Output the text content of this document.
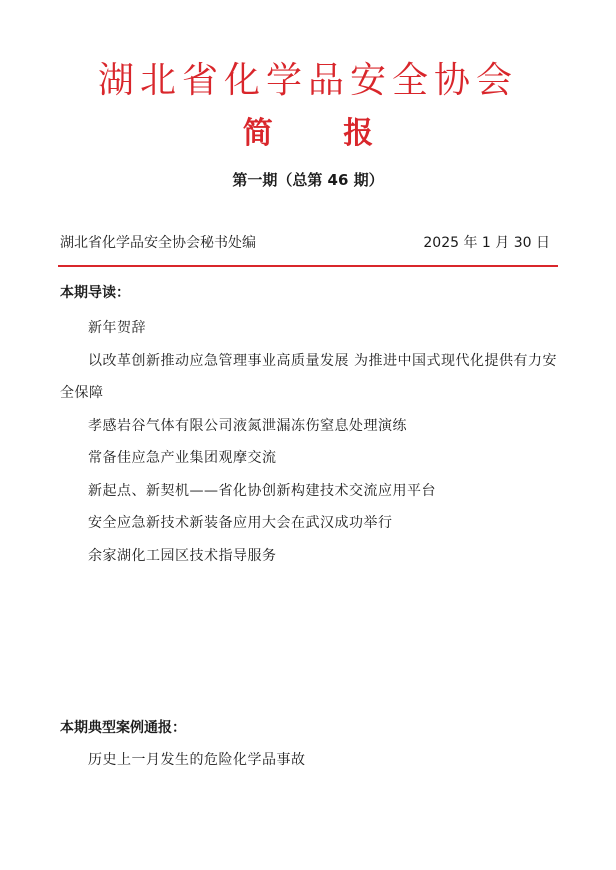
湖北省化学品安全协会
简 报
第一期（总第 46 期）
湖北省化学品安全协会秘书处编	2025 年 1 月 30 日
本期导读：
新年贺辞
以改革创新推动应急管理事业高质量发展 为推进中国式现代化提供有力安全保障
孝感岩谷气体有限公司液氮泄漏冻伤窒息处理演练
常备佳应急产业集团观摩交流
新起点、新契机——省化协创新构建技术交流应用平台
安全应急新技术新装备应用大会在武汉成功举行
余家湖化工园区技术指导服务
本期典型案例通报：
历史上一月发生的危险化学品事故
